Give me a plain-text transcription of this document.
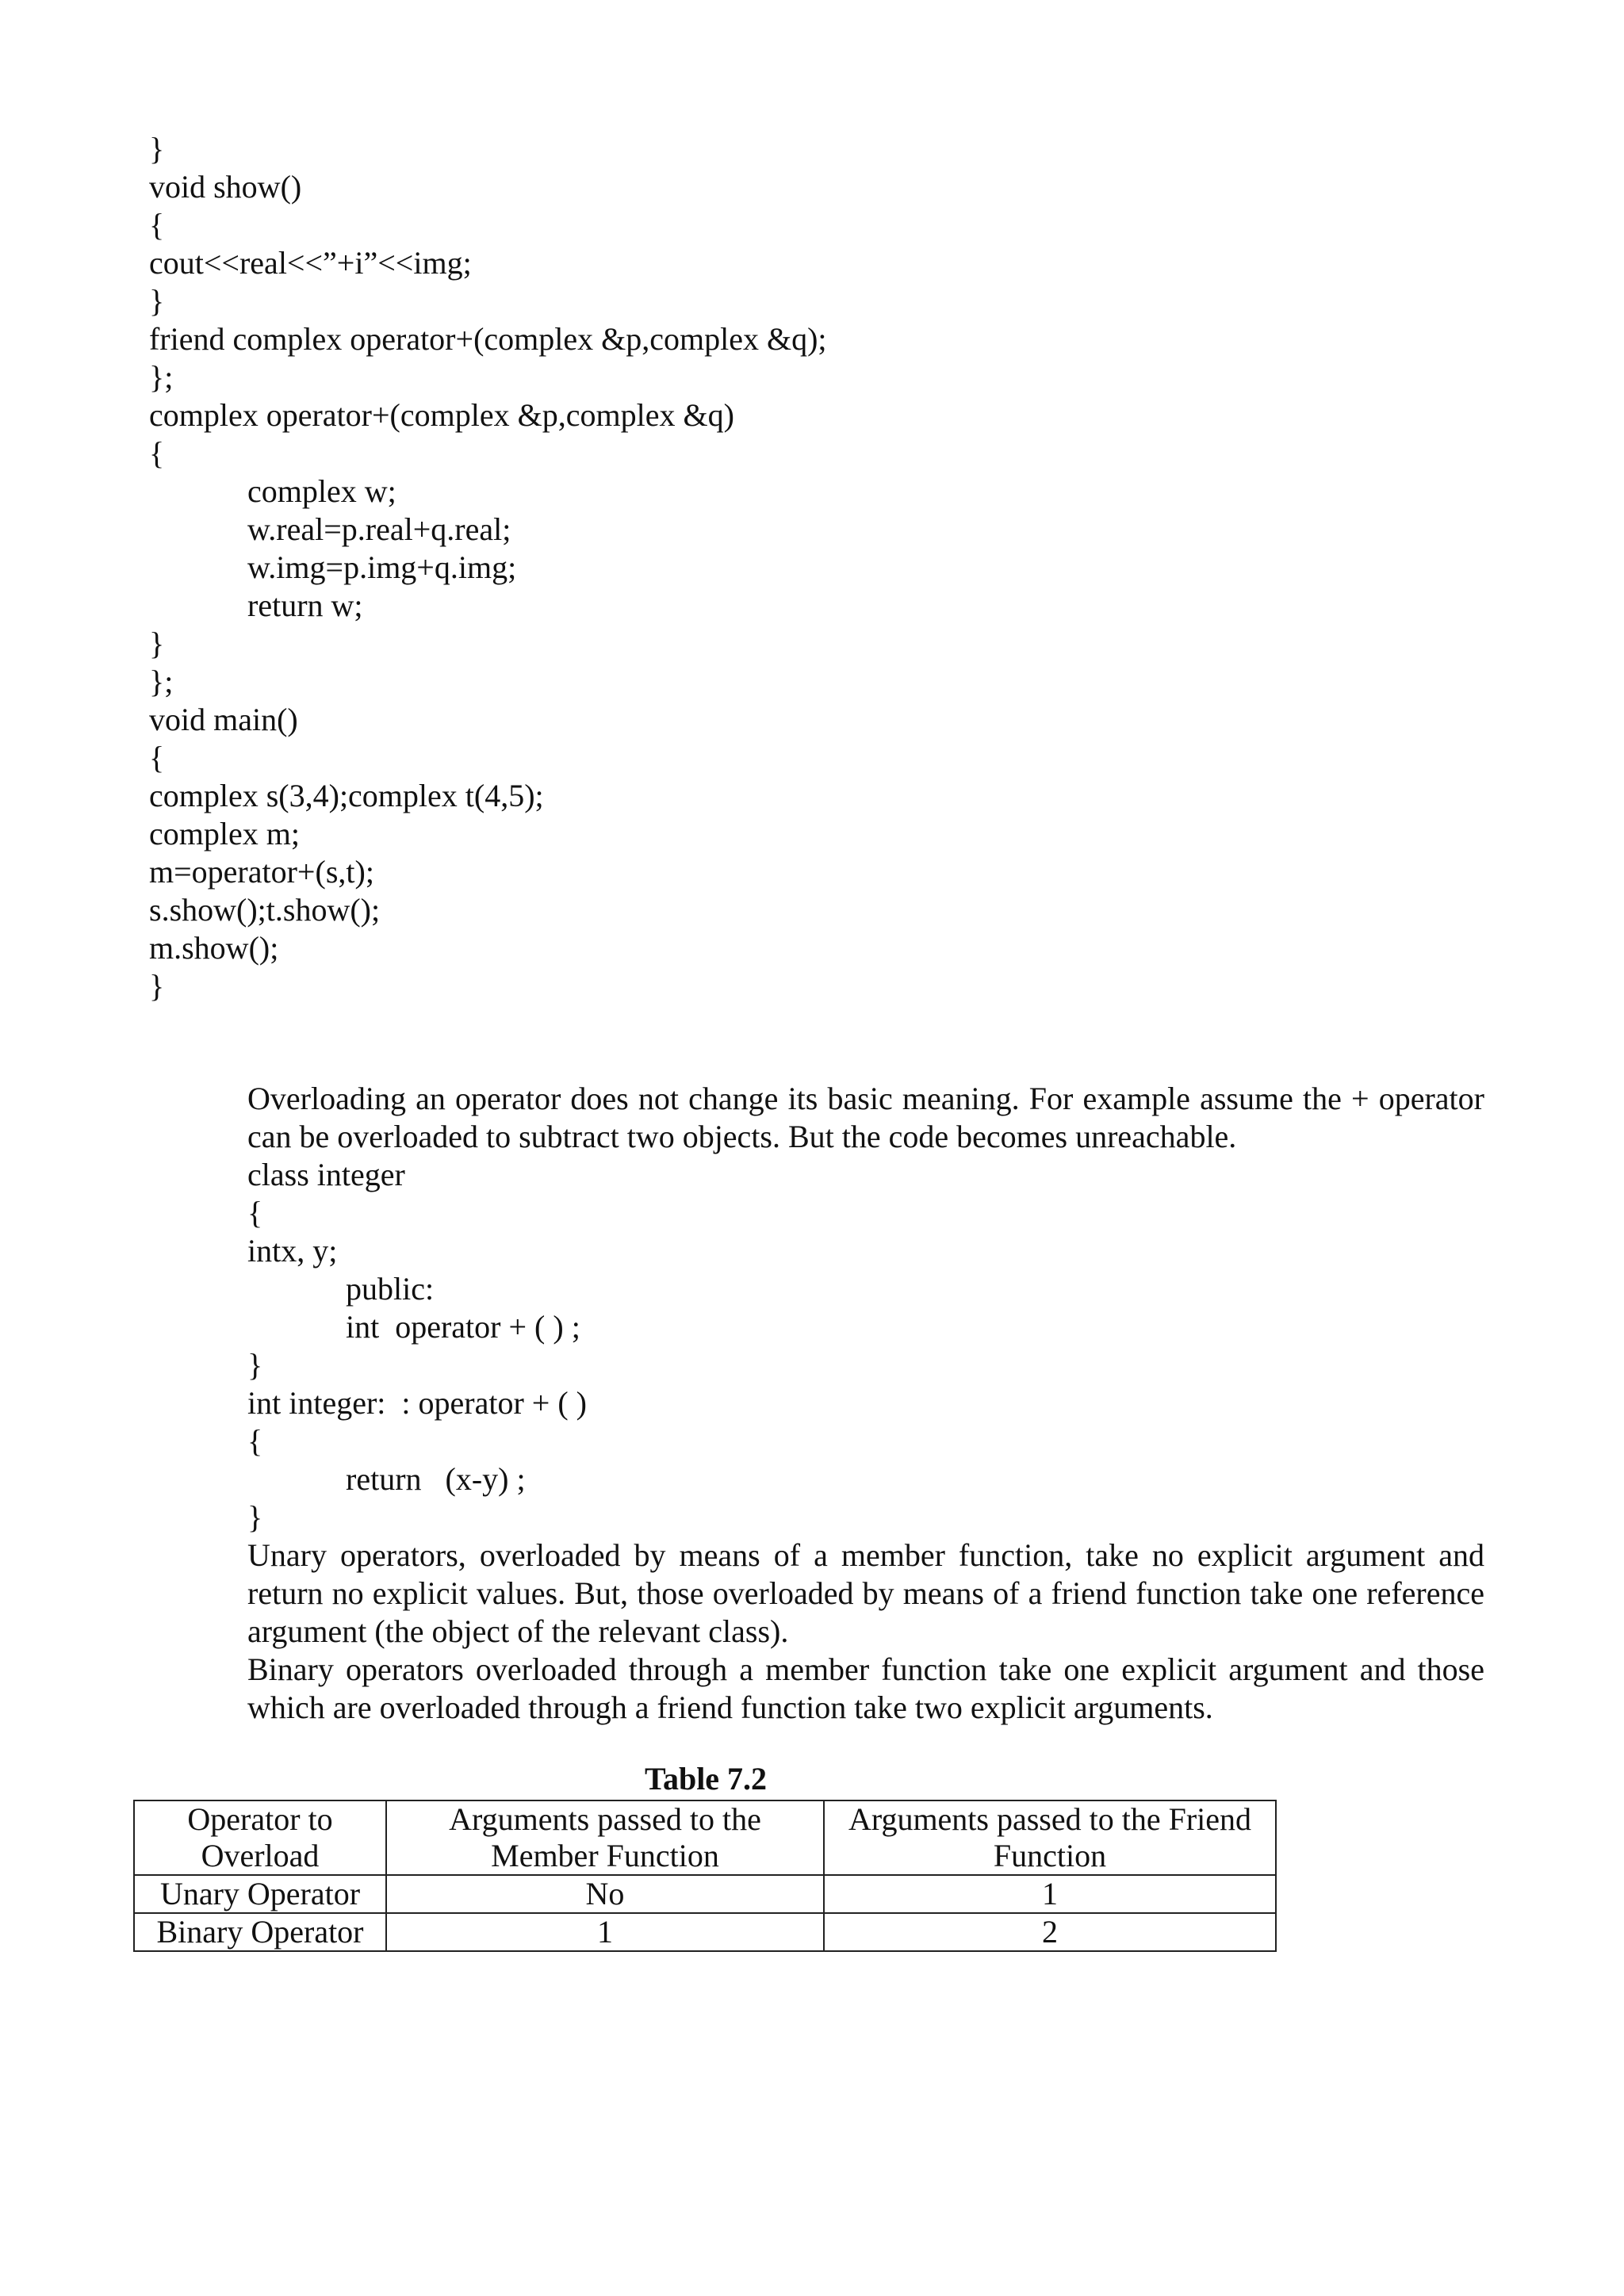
}
void show()
{
cout<<real<<”+i”<<img;
}
friend complex operator+(complex &p,complex &q);
};
complex operator+(complex &p,complex &q)
{
complex w;
w.real=p.real+q.real;
w.img=p.img+q.img;
return w;
}
};
void main()
{
complex s(3,4);complex t(4,5);
complex m;
m=operator+(s,t);
s.show();t.show();
m.show();
}
Overloading an operator does not change its basic meaning. For example assume the + operator can be overloaded to subtract two objects. But the code becomes unreachable.
class integer
{
intx, y;
public:
int  operator + ( ) ;
}
int integer:  : operator + ( )
{
return   (x-y) ;
}
Unary operators, overloaded by means of a member function, take no explicit argument and return no explicit values. But, those overloaded by means of a friend function take one reference argument (the object of the relevant class).
Binary operators overloaded through a member function take one explicit argument and those which are overloaded through a friend function take two explicit arguments.
Table 7.2
Operator to Overload	Arguments passed to the Member Function	Arguments passed to the Friend Function
Unary Operator	No	1
Binary Operator	1	2
